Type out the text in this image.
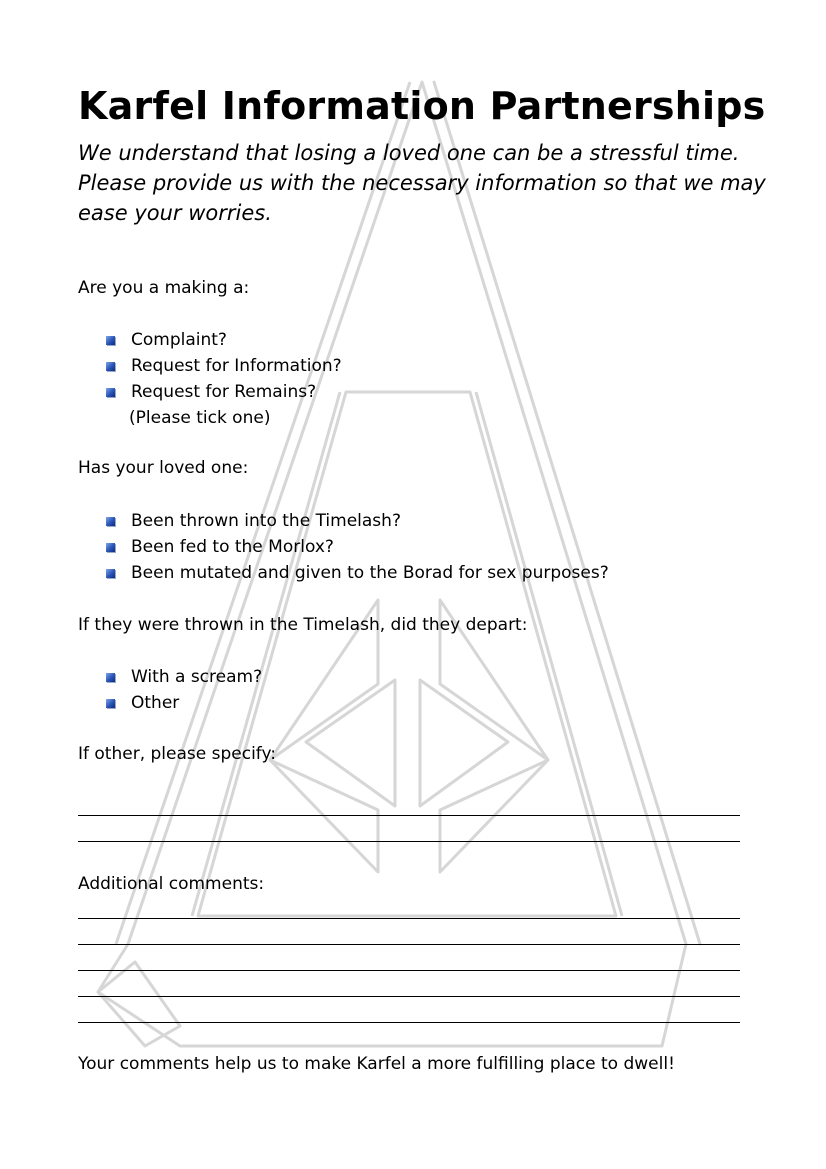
Karfel Information Partnerships
We understand that losing a loved one can be a stressful time. Please provide us with the necessary information so that we may ease your worries.
Are you a making a:
Complaint?
Request for Information?
Request for Remains?
(Please tick one)
Has your loved one:
Been thrown into the Timelash?
Been fed to the Morlox?
Been mutated and given to the Borad for sex purposes?
If they were thrown in the Timelash, did they depart:
With a scream?
Other
If other, please specify:
Additional comments:
Your comments help us to make Karfel a more fulfilling place to dwell!
